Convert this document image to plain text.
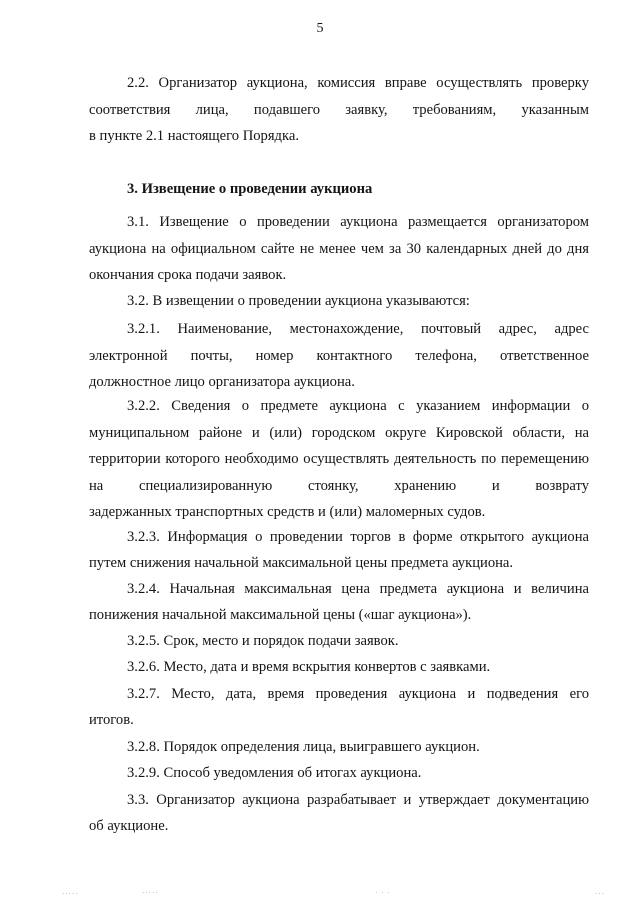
5

2.2. Организатор аукциона, комиссия вправе осуществлять проверку соответствия лица, подавшего заявку, требованиям, указанным

в пункте 2.1 настоящего Порядка.

3. Извещение о проведении аукциона

3.1. Извещение о проведении аукциона размещается организатором аукциона на официальном сайте не менее чем за 30 календарных дней до дня

окончания срока подачи заявок.

3.2. В извещении о проведении аукциона указываются:

3.2.1. Наименование, местонахождение, почтовый адрес, адрес электронной почты, номер контактного телефона, ответственное

должностное лицо организатора аукциона.

3.2.2. Сведения о предмете аукциона с указанием информации о муниципальном районе и (или) городском округе Кировской области, на территории которого необходимо осуществлять деятельность по перемещению на специализированную стоянку, хранению и возврату

задержанных транспортных средств и (или) маломерных судов.

3.2.3. Информация о проведении торгов в форме открытого аукциона

путем снижения начальной максимальной цены предмета аукциона.

3.2.4. Начальная максимальная цена предмета аукциона и величина

понижения начальной максимальной цены («шаг аукциона»).

3.2.5. Срок, место и порядок подачи заявок.

3.2.6. Место, дата и время вскрытия конвертов с заявками.

3.2.7. Место, дата, время проведения аукциона и подведения его

итогов.

3.2.8. Порядок определения лица, выигравшего аукцион.

3.2.9. Способ уведомления об итогах аукциона.

3.3. Организатор аукциона разрабатывает и утверждает документацию

об аукционе.

·····	·····	· · ·	···
